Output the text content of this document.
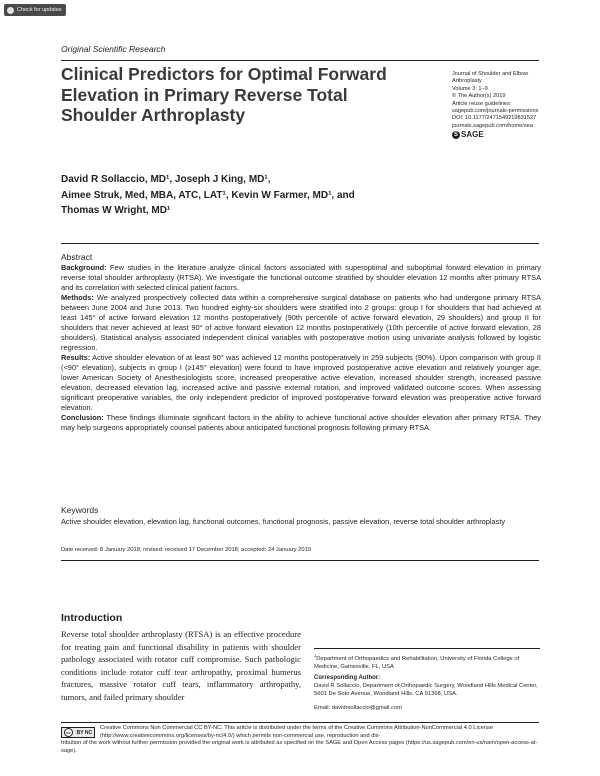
Check for updates
Original Scientific Research
Clinical Predictors for Optimal Forward Elevation in Primary Reverse Total Shoulder Arthroplasty
Journal of Shoulder and Elbow
Arthroplasty
Volume 3: 1–9
© The Author(s) 2019
Article reuse guidelines:
sagepub.com/journals-permissions
DOI: 10.1177/2471549219831527
journals.sagepub.com/home/sea
S SAGE
David R Sollaccio, MD¹, Joseph J King, MD¹,
Aimee Struk, Med, MBA, ATC, LAT¹, Kevin W Farmer, MD¹, and
Thomas W Wright, MD¹
Abstract

Background: Few studies in the literature analyze clinical factors associated with superoptimal and suboptimal forward elevation in primary reverse total shoulder arthroplasty (RTSA). We investigate the functional outcome stratified by shoulder elevation 12 months after primary RTSA and its correlation with selected clinical patient factors.

Methods: We analyzed prospectively collected data within a comprehensive surgical database on patients who had undergone primary RTSA between June 2004 and June 2013. Two hundred eighty-six shoulders were stratified into 2 groups: group I for shoulders that had achieved at least 145° of active forward elevation 12 months postoperatively (90th percentile of active forward elevation, 29 shoulders) and group II for shoulders that never achieved at least 90° of active forward elevation 12 months postoperatively (10th percentile of active forward elevation, 28 shoulders). Statistical analysis associated independent clinical variables with postoperative motion using univariate analysis followed by logistic regression.

Results: Active shoulder elevation of at least 90° was achieved 12 months postoperatively in 259 subjects (90%). Upon comparison with group II (<90° elevation), subjects in group I (≥145° elevation) were found to have improved postoperative active elevation and relatively younger age, lower American Society of Anesthesiologists score, increased preoperative active elevation, increased shoulder strength, increased passive elevation, decreased elevation lag, increased active and passive external rotation, and improved validated outcome scores. When assessing significant preoperative variables, the only independent predictor of improved postoperative forward elevation was preoperative active forward elevation.

Conclusion: These findings illuminate significant factors in the ability to achieve functional active shoulder elevation after primary RTSA. They may help surgeons appropriately counsel patients about anticipated functional prognosis following primary RTSA.

Keywords
Active shoulder elevation, elevation lag, functional outcomes, functional prognosis, passive elevation, reverse total shoulder arthroplasty
Date received: 8 January 2018; revised: received 17 December 2018; accepted: 24 January 2019
Introduction
Reverse total shoulder arthroplasty (RTSA) is an effective procedure for treating pain and functional disability in patients with shoulder pathology associated with rotator cuff compromise. Such pathologic conditions include rotator cuff tear arthropathy, proximal humerus fractures, massive rotator cuff tears, inflammatory arthropathy, tumors, and failed primary shoulder
$^1$Department of Orthopaedics and Rehabilitation, University of Florida College of Medicine, Gainesville, FL, USA
Corresponding Author:
David R Sollaccio, Department of Orthopaedic Surgery, Woodland Hills Medical Center, 5601 De Soto Avenue, Woodland Hills, CA 91368, USA.
Email: davidrsollaccio@gmail.com
cc	BY NC
Creative Commons Non Commercial CC BY-NC: This article is distributed under the terms of the Creative Commons Attribution-NonCommercial 4.0 License (http://www.creativecommons.org/licenses/by-nc/4.0/) which permits non-commercial use, reproduction and dis-
tribution of the work without further permission provided the original work is attributed as specified on the SAGE and Open Access pages (https://us.sagepub.com/en-us/nam/open-access-at-sage).
